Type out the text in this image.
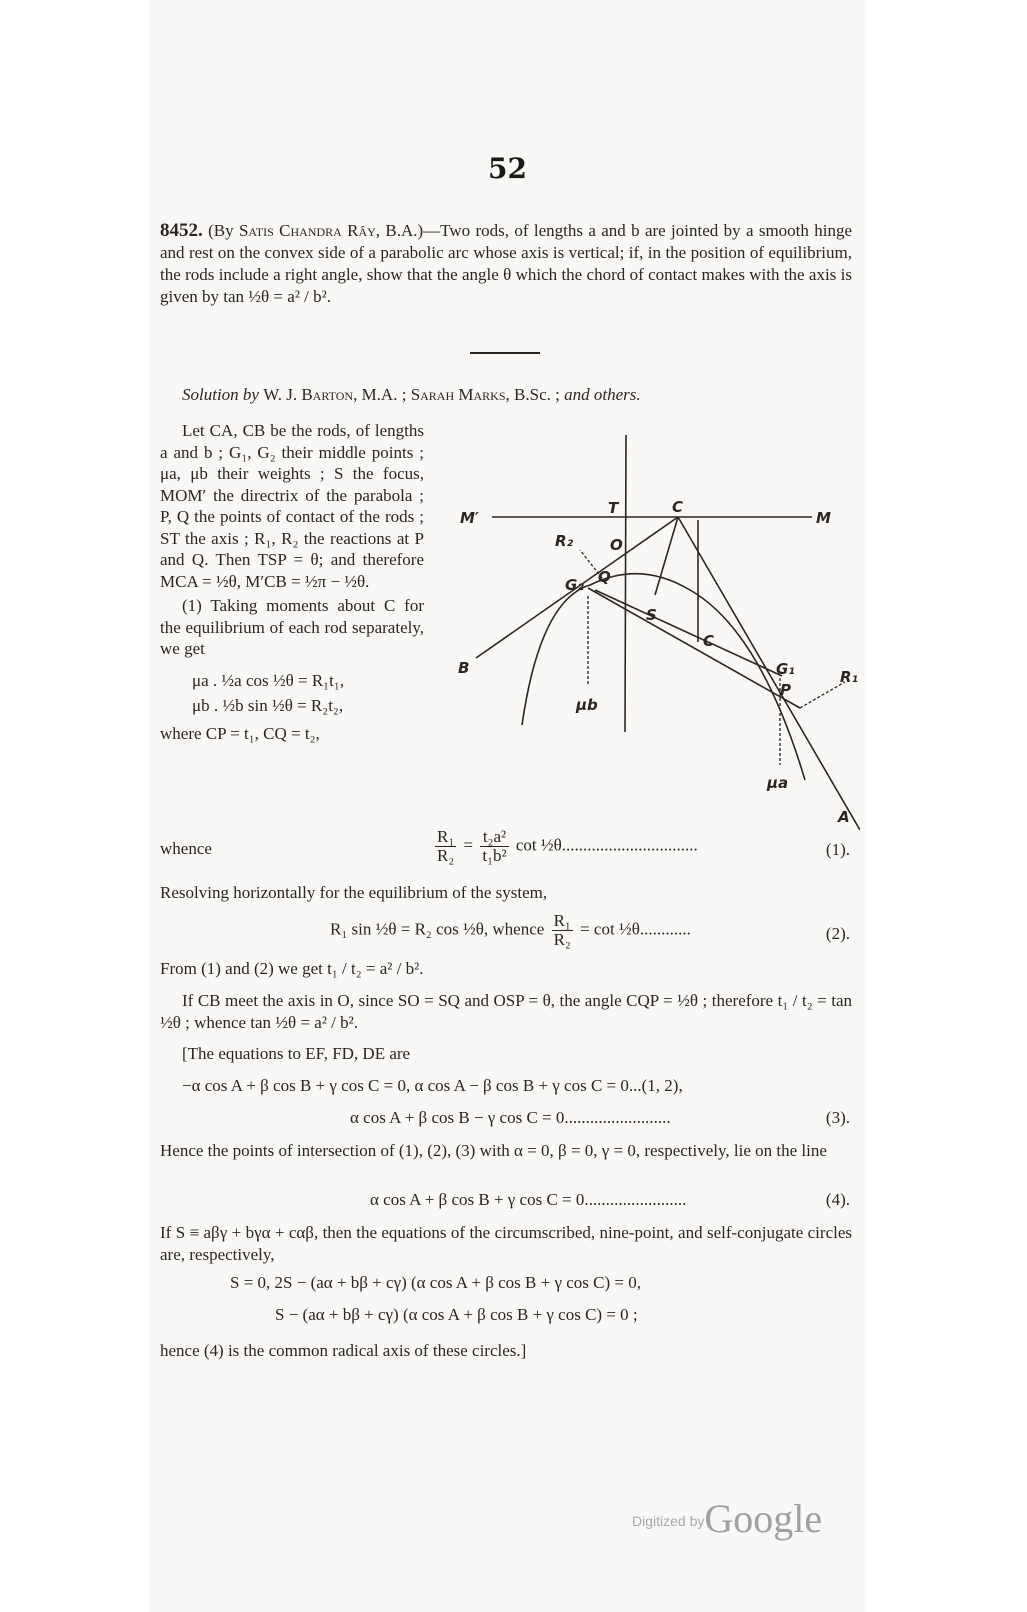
52
8452. (By Satis Chandra Rây, B.A.)—Two rods, of lengths a and b are jointed by a smooth hinge and rest on the convex side of a parabolic arc whose axis is vertical; if, in the position of equilibrium, the rods include a right angle, show that the angle θ which the chord of contact makes with the axis is given by tan ½θ = a² / b².
Solution by W. J. Barton, M.A. ; Sarah Marks, B.Sc. ; and others.

Let CA, CB be the rods, of lengths a and b ; G₁, G₂ their middle points ; μa, μb their weights ; S the focus, MOM′ the directrix of the parabola ; P, Q the points of contact of the rods ; ST the axis ; R₁, R₂ the reactions at P and Q. Then TSP = θ; and therefore MCA = ½θ, M′CB = ½π − ½θ.

(1) Taking moments about C for the equilibrium of each rod separately, we get

μa . ½a cos ½θ = R₁t₁,
μb . ½b sin ½θ = R₂t₂,
where CP = t₁, CQ = t₂,
M′
T	C
M
R₂ O
G₂ Q
S
C
B	G₁
P
R₁
μb
μa
A
whence	$\frac{\text{R₁}}{\text{R₂}} = \frac{\text{t₂a²}}{\text{t₁b²}}$ cot ½θ................................	(1).
Resolving horizontally for the equilibrium of the system,
R₁ sin ½θ = R₂ cos ½θ, whence $\frac{\text{R₁}}{\text{R₂}} = \cot$ ½θ............	(2).
From (1) and (2) we get t₁ / t₂ = a² / b².
If CB meet the axis in O, since SO = SQ and OSP = θ, the angle CQP = ½θ ; therefore t₁ / t₂ = tan ½θ ; whence tan ½θ = a² / b².
[The equations to EF, FD, DE are
−α cos A + β cos B + γ cos C = 0, α cos A − β cos B + γ cos C = 0...(1, 2),
α cos A + β cos B − γ cos C = 0.........................	(3).
Hence the points of intersection of (1), (2), (3) with α = 0, β = 0, γ = 0, respectively, lie on the line
α cos A + β cos B + γ cos C = 0........................	(4).
If S ≡ aβγ + bγα + cαβ, then the equations of the circumscribed, nine-point, and self-conjugate circles are, respectively,
S = 0, 2S − (aα + bβ + cγ) (α cos A + β cos B + γ cos C) = 0,
S − (aα + bβ + cγ) (α cos A + β cos B + γ cos C) = 0 ;
hence (4) is the common radical axis of these circles.]
Digitized byGoogle
